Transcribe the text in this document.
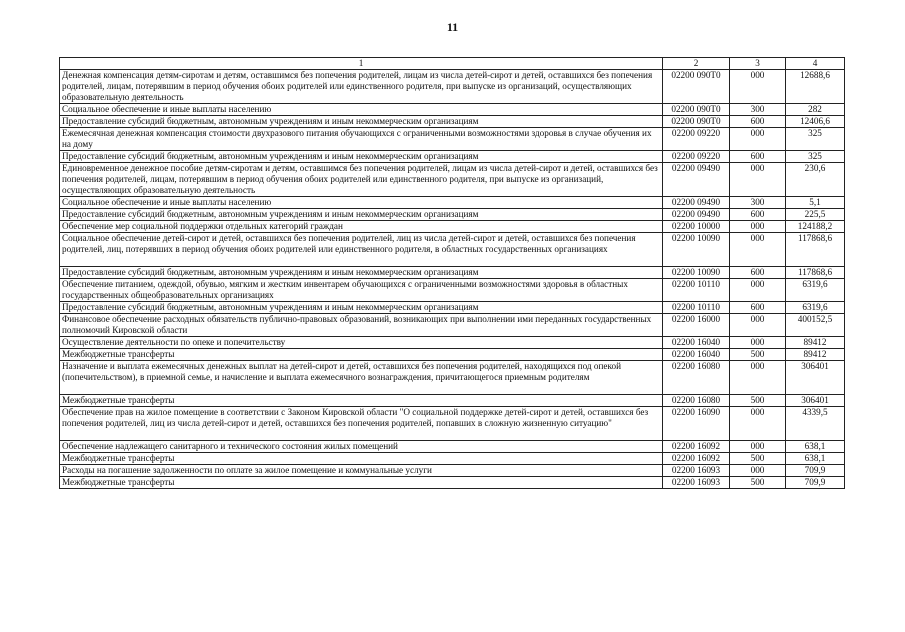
11
1	2	3	4
Денежная компенсация детям-сиротам и детям, оставшимся без попечения родителей, лицам из числа детей-сирот и детей, оставшихся без попечения родителей, лицам, потерявшим в период обучения обоих родителей или единственного родителя, при выпуске из организаций, осуществляющих образовательную деятельность	02200 090Т0	000	12688,6
Социальное обеспечение и иные выплаты населению	02200 090Т0	300	282
Предоставление субсидий бюджетным, автономным учреждениям и иным некоммерческим организациям	02200 090Т0	600	12406,6
Ежемесячная денежная компенсация стоимости двухразового питания обучающихся с ограниченными возможностями здоровья в случае обучения их на дому	02200 09220	000	325
Предоставление субсидий бюджетным, автономным учреждениям и иным некоммерческим организациям	02200 09220	600	325
Единовременное денежное пособие детям-сиротам и детям, оставшимся без попечения родителей, лицам из числа детей-сирот и детей, оставшихся без попечения родителей, лицам, потерявшим в период обучения обоих родителей или единственного родителя, при выпуске из организаций, осуществляющих образовательную деятельность	02200 09490	000	230,6
Социальное обеспечение и иные выплаты населению	02200 09490	300	5,1
Предоставление субсидий бюджетным, автономным учреждениям и иным некоммерческим организациям	02200 09490	600	225,5
Обеспечение мер социальной поддержки отдельных категорий граждан	02200 10000	000	124188,2
Социальное обеспечение детей-сирот и детей, оставшихся без попечения родителей, лиц из числа детей-сирот и детей, оставшихся без попечения родителей, лиц, потерявших в период обучения обоих родителей или единственного родителя, в областных государственных организациях	02200 10090	000	117868,6
Предоставление субсидий бюджетным, автономным учреждениям и иным некоммерческим организациям	02200 10090	600	117868,6
Обеспечение питанием, одеждой, обувью, мягким и жестким инвентарем обучающихся с ограниченными возможностями здоровья в областных государственных общеобразовательных организациях	02200 10110	000	6319,6
Предоставление субсидий бюджетным, автономным учреждениям и иным некоммерческим организациям	02200 10110	600	6319,6
Финансовое обеспечение расходных обязательств публично-правовых образований, возникающих при выполнении ими переданных государственных полномочий Кировской области	02200 16000	000	400152,5
Осуществление деятельности по опеке и попечительству	02200 16040	000	89412
Межбюджетные трансферты	02200 16040	500	89412
Назначение и выплата ежемесячных денежных выплат на детей-сирот и детей, оставшихся без попечения родителей, находящихся под опекой (попечительством), в приемной семье, и начисление и выплата ежемесячного вознаграждения, причитающегося приемным родителям	02200 16080	000	306401
Межбюджетные трансферты	02200 16080	500	306401
Обеспечение прав на жилое помещение в соответствии с Законом Кировской области "О социальной поддержке детей-сирот и детей, оставшихся без попечения родителей, лиц из числа детей-сирот и детей, оставшихся без попечения родителей, попавших в сложную жизненную ситуацию"	02200 16090	000	4339,5
Обеспечение надлежащего санитарного и технического состояния жилых помещений	02200 16092	000	638,1
Межбюджетные трансферты	02200 16092	500	638,1
Расходы на погашение задолженности по оплате за жилое помещение и коммунальные услуги	02200 16093	000	709,9
Межбюджетные трансферты	02200 16093	500	709,9
